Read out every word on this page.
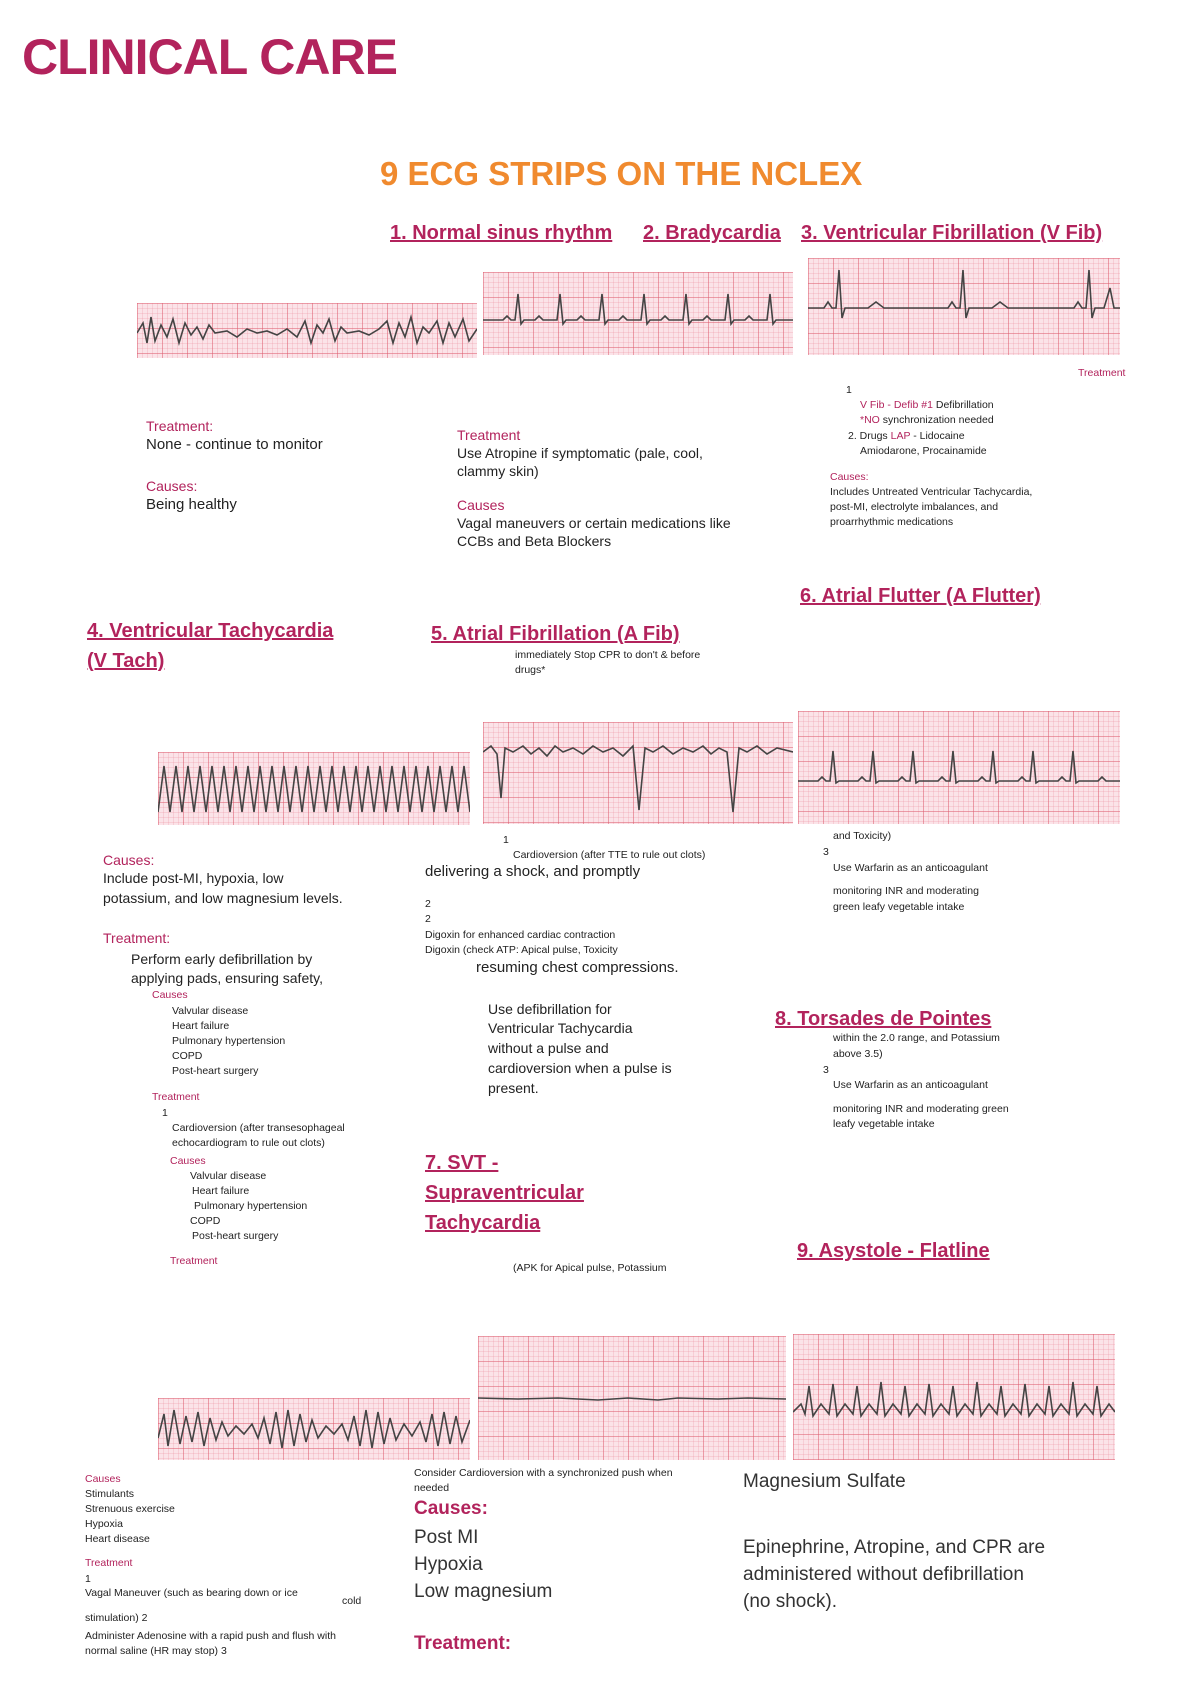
CLINICAL CARE
9 ECG STRIPS ON THE NCLEX
1. Normal sinus rhythm 2. Bradycardia 3. Ventricular Fibrillation (V Fib)
Treatment:
None - continue to monitor
Causes:
Being healthy
Treatment
Use Atropine if symptomatic (pale, cool,
clammy skin)
Causes
Vagal maneuvers or certain medications like
CCBs and Beta Blockers
Treatment
1
V Fib - Defib #1 Defibrillation
*NO synchronization needed
2. Drugs LAP - Lidocaine
Amiodarone, Procainamide
Causes:
Includes Untreated Ventricular Tachycardia,
post-MI, electrolyte imbalances, and
proarrhythmic medications
6. Atrial Flutter (A Flutter)
4. Ventricular Tachycardia
(V Tach)
5. Atrial Fibrillation (A Fib)
immediately Stop CPR to don't & before
drugs*
Causes:
Include post-MI, hypoxia, low
potassium, and low magnesium levels.
Treatment:
Perform early defibrillation by
applying pads, ensuring safety,
Causes
Valvular disease
Heart failure
Pulmonary hypertension
COPD
Post-heart surgery
Treatment
1
Cardioversion (after transesophageal
echocardiogram to rule out clots)
Causes
Valvular disease
Heart failure
Pulmonary hypertension
COPD
Post-heart surgery
Treatment
1
Cardioversion (after TTE to rule out clots)
delivering a shock, and promptly
2
2
Digoxin for enhanced cardiac contraction
Digoxin (check ATP: Apical pulse, Toxicity
resuming chest compressions.
Use defibrillation for
Ventricular Tachycardia
without a pulse and
cardioversion when a pulse is
present.
and Toxicity)
3
Use Warfarin as an anticoagulant
monitoring INR and moderating
green leafy vegetable intake
8. Torsades de Pointes
within the 2.0 range, and Potassium
above 3.5)
3
Use Warfarin as an anticoagulant
monitoring INR and moderating green
leafy vegetable intake
7. SVT -
Supraventricular
Tachycardia
(APK for Apical pulse, Potassium
9. Asystole - Flatline
Causes
Stimulants
Strenuous exercise
Hypoxia
Heart disease
Treatment
1
Vagal Maneuver (such as bearing down or ice
cold
stimulation) 2
Administer Adenosine with a rapid push and flush with
normal saline (HR may stop) 3
Consider Cardioversion with a synchronized push when
needed
Causes:
Post MI
Hypoxia
Low magnesium
Treatment:
Magnesium Sulfate
Epinephrine, Atropine, and CPR are
administered without defibrillation
(no shock).
